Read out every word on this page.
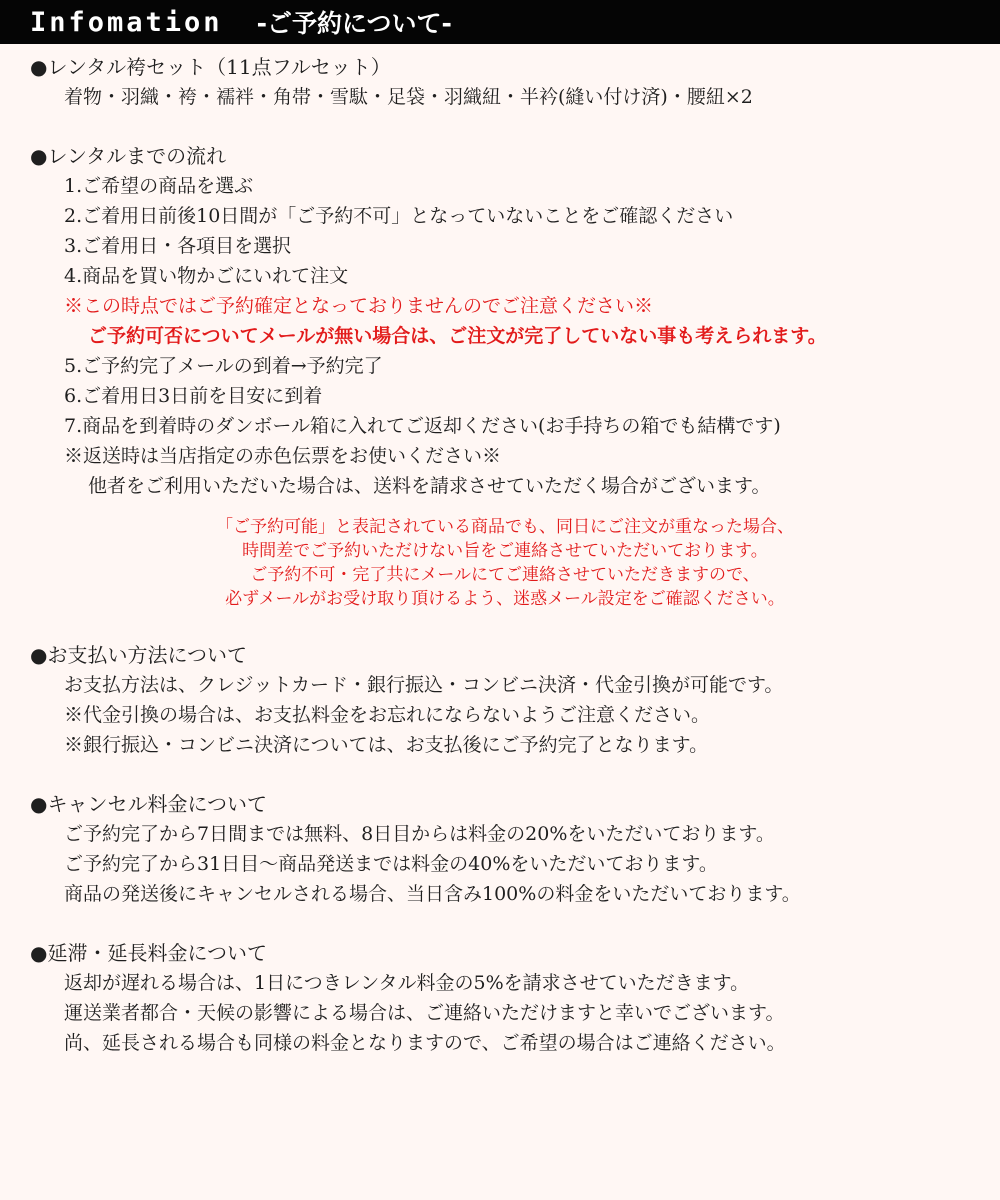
Infomation -ご予約について-
●レンタル袴セット（11点フルセット）
着物・羽織・袴・襦袢・角帯・雪駄・足袋・羽織紐・半衿(縫い付け済)・腰紐×2
●レンタルまでの流れ
1.ご希望の商品を選ぶ
2.ご着用日前後10日間が「ご予約不可」となっていないことをご確認ください
3.ご着用日・各項目を選択
4.商品を買い物かごにいれて注文
※この時点ではご予約確定となっておりませんのでご注意ください※
ご予約可否についてメールが無い場合は、ご注文が完了していない事も考えられます。
5.ご予約完了メールの到着→予約完了
6.ご着用日3日前を目安に到着
7.商品を到着時のダンボール箱に入れてご返却ください(お手持ちの箱でも結構です)
※返送時は当店指定の赤色伝票をお使いください※
他者をご利用いただいた場合は、送料を請求させていただく場合がございます。
「ご予約可能」と表記されている商品でも、同日にご注文が重なった場合、
時間差でご予約いただけない旨をご連絡させていただいております。
ご予約不可・完了共にメールにてご連絡させていただきますので、
必ずメールがお受け取り頂けるよう、迷惑メール設定をご確認ください。
●お支払い方法について
お支払方法は、クレジットカード・銀行振込・コンビニ決済・代金引換が可能です。
※代金引換の場合は、お支払料金をお忘れにならないようご注意ください。
※銀行振込・コンビニ決済については、お支払後にご予約完了となります。
●キャンセル料金について
ご予約完了から7日間までは無料、8日目からは料金の20%をいただいております。
ご予約完了から31日目～商品発送までは料金の40%をいただいております。
商品の発送後にキャンセルされる場合、当日含み100%の料金をいただいております。
●延滞・延長料金について
返却が遅れる場合は、1日につきレンタル料金の5%を請求させていただきます。
運送業者都合・天候の影響による場合は、ご連絡いただけますと幸いでございます。
尚、延長される場合も同様の料金となりますので、ご希望の場合はご連絡ください。
